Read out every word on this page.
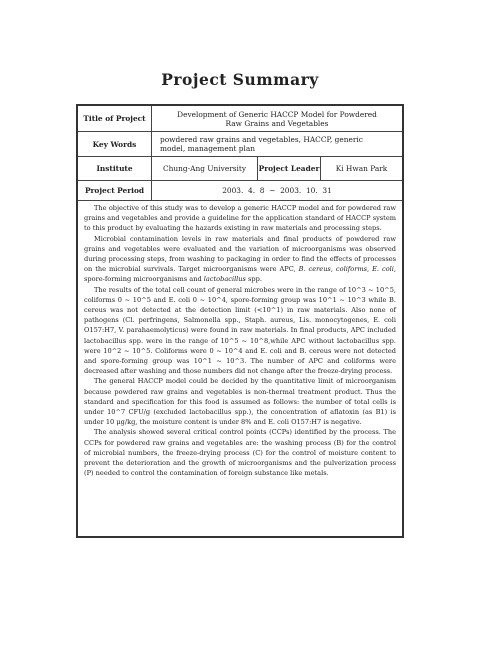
Project Summary
Title of Project	Development of Generic HACCP Model for Powdered
Raw Grains and Vegetables		

Key Words	powdered raw grains and vegetables, HACCP, generic
model, management plan		

Institute	Chung-Ang University	Project Leader	Ki Hwan Park
Project Period	2003.  4.  8  ~  2003.  10.  31		

The objective of this study was to develop a generic HACCP model and for powdered raw grains and vegetables and provide a guideline for the application standard of HACCP system to this product by evaluating the hazards existing in raw materials and processing steps.

Microbial contamination levels in raw materials and final products of powdered raw grains and vegetables were evaluated and the variation of microorganisms was observed during processing steps, from washing to packaging in order to find the effects of processes on the microbial survivals. Target microorganisms were APC, B. cereus, coliforms, E. coli, spore-forming microorganisms and lactobacillus spp.

The results of the total cell count of general microbes were in the range of 10^3 ~ 10^5, coliforms 0 ~ 10^5 and E. coli 0 ~ 10^4, spore-forming group was 10^1 ~ 10^3 while B. cereus was not detected at the detection limit (<10^1) in raw materials. Also none of pathogens (Cl. perfringens, Salmonella spp., Staph. aureus, Lis. monocytogenes, E. coli O157:H7, V. parahaemolyticus) were found in raw materials. In final products, APC included lactobacillus spp. were in the range of 10^5 ~ 10^8,while APC without lactobacillus spp. were 10^2 ~ 10^5. Coliforms were 0 ~ 10^4 and E. coli and B. cereus were not detected and spore-forming group was 10^1 ~ 10^3. The number of APC and coliforms were decreased after washing and those numbers did not change after the freeze-drying process.

The general HACCP model could be decided by the quantitative limit of microorganism because powdered raw grains and vegetables is non-thermal treatment product. Thus the standard and specification for this food is assumed as follows: the number of total cells is under 10^7 CFU/g (excluded lactobacillus spp.), the concentration of aflatoxin (as B1) is under 10 μg/kg, the moisture content is under 8% and E. coli O157:H7 is negative.

The analysis showed several critical control points (CCPs) identified by the process. The CCPs for powdered raw grains and vegetables are: the washing process (B) for the control of microbial numbers, the freeze-drying process (C) for the control of moisture content to prevent the deterioration and the growth of microorganisms and the pulverization process (P) needed to control the contamination of foreign substance like metals.
